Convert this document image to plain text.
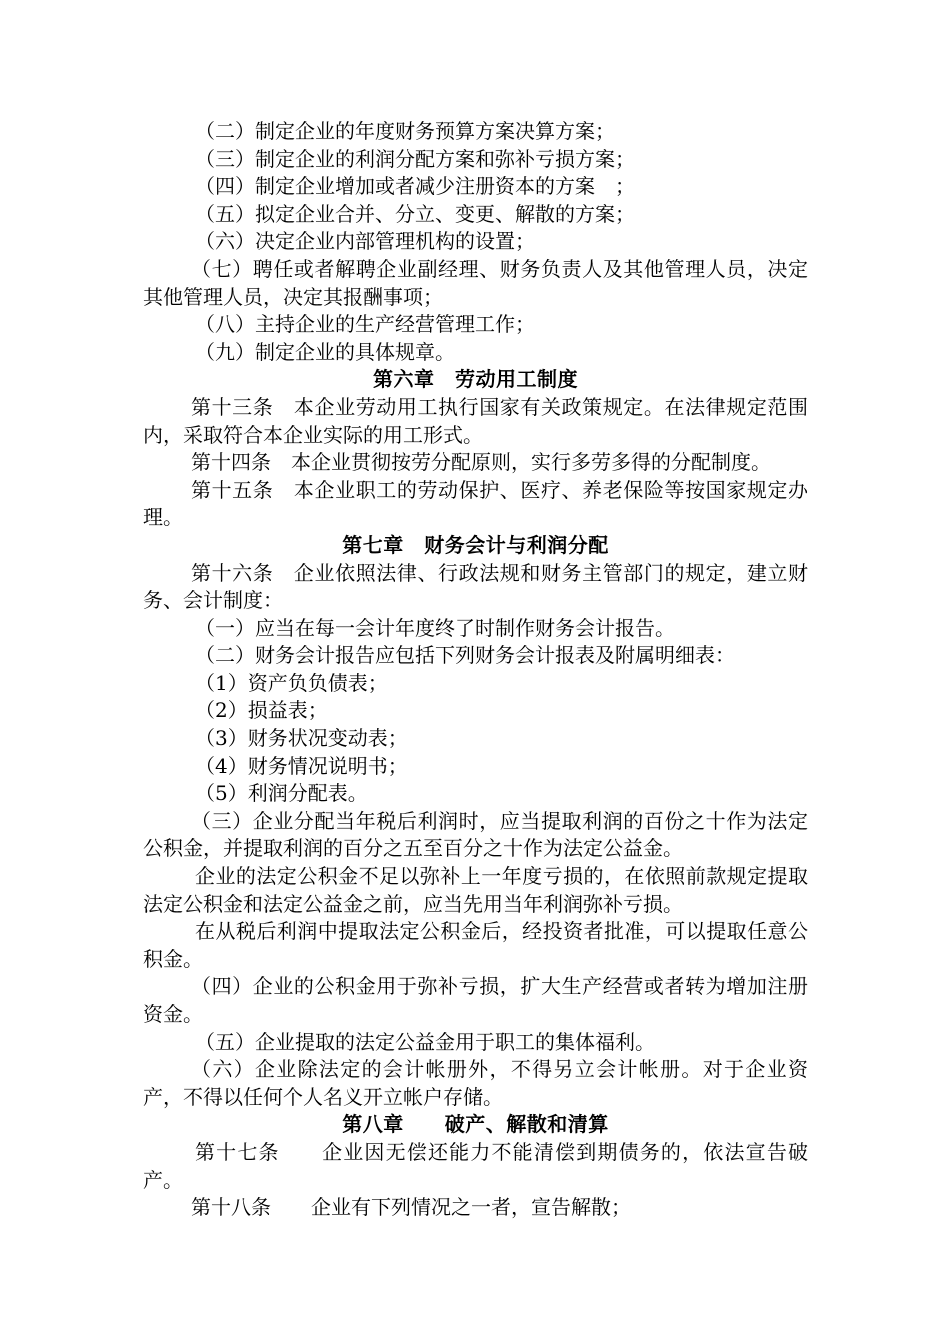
（二）制定企业的年度财务预算方案决算方案；

（三）制定企业的利润分配方案和弥补亏损方案；

（四）制定企业增加或者减少注册资本的方案　；

（五）拟定企业合并、分立、变更、解散的方案；

（六）决定企业内部管理机构的设置；

（七）聘任或者解聘企业副经理、财务负责人及其他管理人员，决定其他管理人员，决定其报酬事项；

（八）主持企业的生产经营管理工作；

（九）制定企业的具体规章。

第六章　劳动用工制度

第十三条　本企业劳动用工执行国家有关政策规定。在法律规定范围内，采取符合本企业实际的用工形式。

第十四条　本企业贯彻按劳分配原则，实行多劳多得的分配制度。

第十五条　本企业职工的劳动保护、医疗、养老保险等按国家规定办理。

第七章　财务会计与利润分配

第十六条　企业依照法律、行政法规和财务主管部门的规定，建立财务、会计制度：

（一）应当在每一会计年度终了时制作财务会计报告。

（二）财务会计报告应包括下列财务会计报表及附属明细表：

（1）资产负负债表；

（2）损益表；

（3）财务状况变动表；

（4）财务情况说明书；

（5）利润分配表。

（三）企业分配当年税后利润时，应当提取利润的百份之十作为法定公积金，并提取利润的百分之五至百分之十作为法定公益金。

企业的法定公积金不足以弥补上一年度亏损的，在依照前款规定提取法定公积金和法定公益金之前，应当先用当年利润弥补亏损。

在从税后利润中提取法定公积金后，经投资者批准，可以提取任意公积金。

（四）企业的公积金用于弥补亏损，扩大生产经营或者转为增加注册资金。

（五）企业提取的法定公益金用于职工的集体福利。

（六）企业除法定的会计帐册外，不得另立会计帐册。对于企业资产，不得以任何个人名义开立帐户存储。

第八章　　破产、解散和清算

第十七条　　企业因无偿还能力不能清偿到期债务的，依法宣告破产。

第十八条　　企业有下列情况之一者，宣告解散；
